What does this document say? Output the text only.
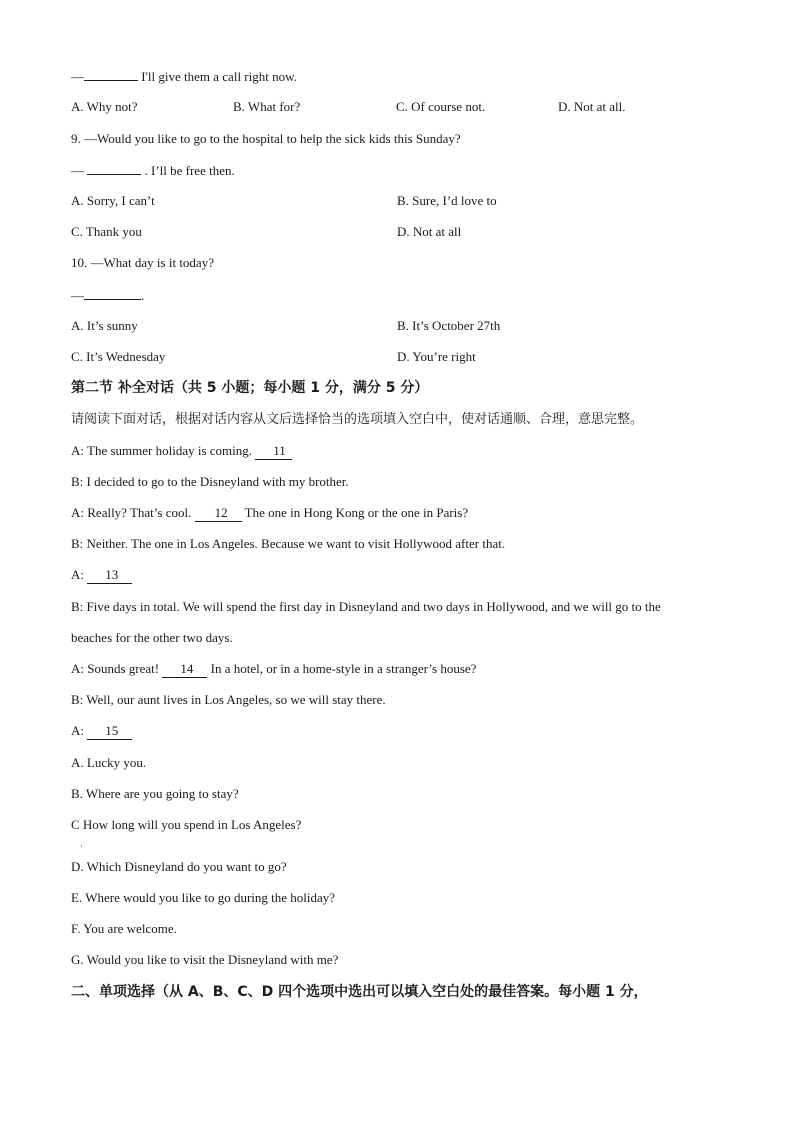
—	I'll give them a call right now.
A. Why not?	B. What for?	C. Of course not.	D. Not at all.
9. —Would you like to go to the hospital to help the sick kids this Sunday?
—	. I’ll be free then.
A. Sorry, I can’t	B. Sure, I’d love to
C. Thank you	D. Not at all
10. —What day is it today?
—	.
A. It’s sunny	B. It’s October 27th
C. It’s Wednesday	D. You’re right
第二节 补全对话（共 5 小题；每小题 1 分，满分 5 分）
请阅读下面对话，根据对话内容从文后选择恰当的选项填入空白中，使对话通顺、合理，意思完整。
A: The summer holiday is coming. 11
B: I decided to go to the Disneyland with my brother.
A: Really? That’s cool. 12 The one in Hong Kong or the one in Paris?
B: Neither. The one in Los Angeles. Because we want to visit Hollywood after that.
A: 13
B: Five days in total. We will spend the first day in Disneyland and two days in Hollywood, and we will go to the
beaches for the other two days.
A: Sounds great! 14 In a hotel, or in a home-style in a stranger’s house?
B: Well, our aunt lives in Los Angeles, so we will stay there.
A: 15
A. Lucky you.
B. Where are you going to stay?
C How long will you spend in Los Angeles?
·
D. Which Disneyland do you want to go?
E. Where would you like to go during the holiday?
F. You are welcome.
G. Would you like to visit the Disneyland with me?
二、单项选择（从 A、B、C、D 四个选项中选出可以填入空白处的最佳答案。每小题 1 分，
